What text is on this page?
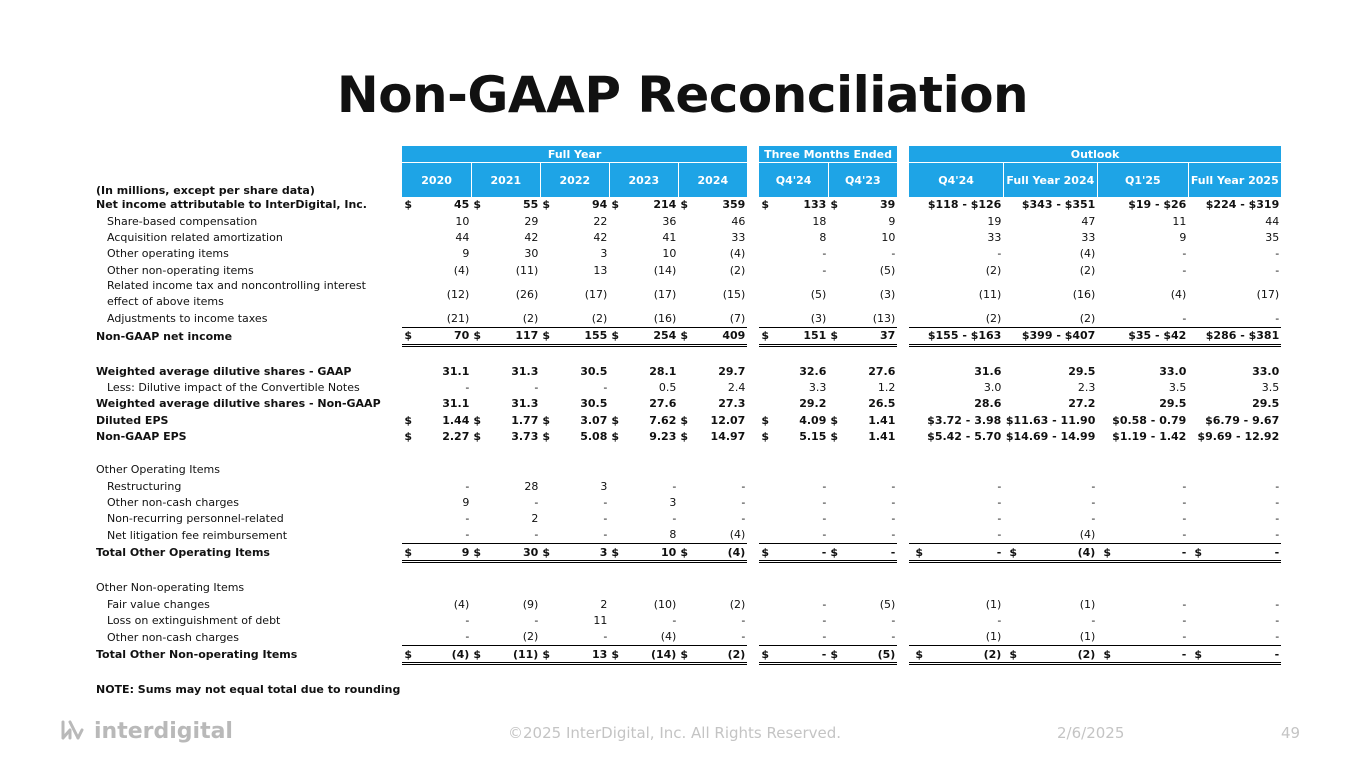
Non-GAAP Reconciliation
	Full Year											Three Months Ended					Outlook			
(In millions, except per share data)	2020		2021		2022		2023		2024			Q4'24		Q4'23			Q4'24	Full Year 2024	Q1'25	Full Year 2025
Net income attributable to InterDigital, Inc.	$	45	$	55	$	94	$	214	$	359		$	133	$	39		$118 - $126	$343 - $351	$19 - $26	$224 - $319
Share-based compensation		10		29		22		36		46			18		9		19	47	11	44
Acquisition related amortization		44		42		42		41		33			8		10		33	33	9	35
Other operating items		9		30		3		10		(4)			-		-		-	(4)	-	-
Other non-operating items		(4)		(11)		13		(14)		(2)			-		(5)		(2)	(2)	-	-
Related income tax and noncontrolling interest effect of above items		(12)		(26)		(17)		(17)		(15)			(5)		(3)		(11)	(16)	(4)	(17)
Adjustments to income taxes		(21)		(2)		(2)		(16)		(7)			(3)		(13)		(2)	(2)	-	-
Non-GAAP net income	$	70	$	117	$	155	$	254	$	409		$	151	$	37		$155 - $163	$399 - $407	$35 - $42	$286 - $381

Weighted average dilutive shares - GAAP		31.1		31.3		30.5		28.1		29.7			32.6		27.6		31.6	29.5	33.0	33.0
Less: Dilutive impact of the Convertible Notes		-		-		-		0.5		2.4			3.3		1.2		3.0	2.3	3.5	3.5
Weighted average dilutive shares - Non-GAAP		31.1		31.3		30.5		27.6		27.3			29.2		26.5		28.6	27.2	29.5	29.5
Diluted EPS	$	1.44	$	1.77	$	3.07	$	7.62	$	12.07		$	4.09	$	1.41		$3.72 - 3.98	$11.63 - 11.90	$0.58 - 0.79	$6.79 - 9.67
Non-GAAP EPS	$	2.27	$	3.73	$	5.08	$	9.23	$	14.97		$	5.15	$	1.41		$5.42 - 5.70	$14.69 - 14.99	$1.19 - 1.42	$9.69 - 12.92

Other Operating Items																				
Restructuring		-		28		3		-		-			-		-		-	-	-	-
Other non-cash charges		9		-		-		3		-			-		-		-	-	-	-
Non-recurring personnel-related		-		2		-		-		-			-		-		-	-	-	-
Net litigation fee reimbursement		-		-		-		8		(4)			-		-		-	(4)	-	-
Total Other Operating Items	$	9	$	30	$	3	$	10	$	(4)		$	-	$	-		$ -	$ (4)	$ -	$ -

Other Non-operating Items																				
Fair value changes		(4)		(9)		2		(10)		(2)			-		(5)		(1)	(1)	-	-
Loss on extinguishment of debt		-		-		11		-		-			-		-		-	-	-	-
Other non-cash charges		-		(2)		-		(4)		-			-		-		(1)	(1)	-	-
Total Other Non-operating Items	$	(4)	$	(11)	$	13	$	(14)	$	(2)		$	-	$	(5)		$ (2)	$ (2)	$ -	$ -

NOTE: Sums may not equal total due to rounding																				
interdigital	©2025 InterDigital, Inc. All Rights Reserved.	2/6/2025	49
